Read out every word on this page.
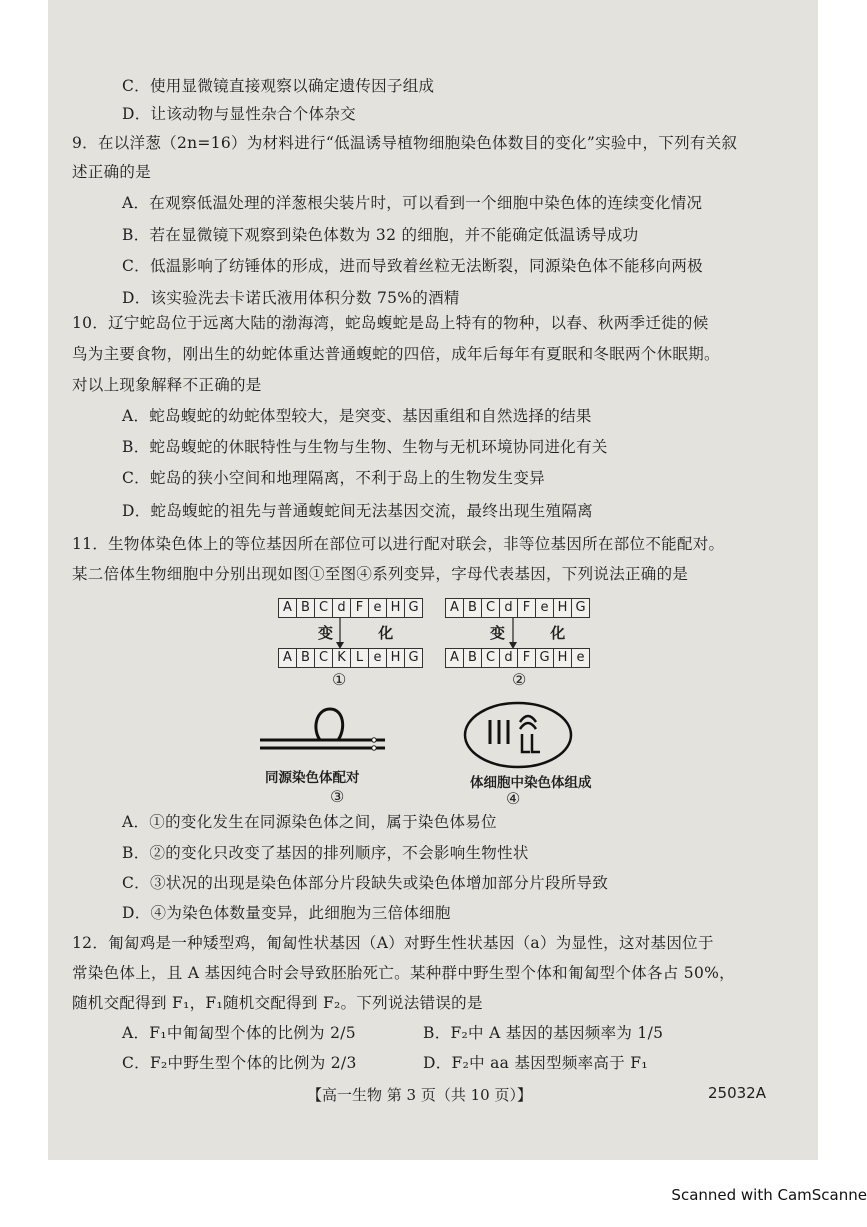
C．使用显微镜直接观察以确定遗传因子组成
D．让该动物与显性杂合个体杂交
9．在以洋葱（2n=16）为材料进行“低温诱导植物细胞染色体数目的变化”实验中，下列有关叙
述正确的是
A．在观察低温处理的洋葱根尖装片时，可以看到一个细胞中染色体的连续变化情况
B．若在显微镜下观察到染色体数为 32 的细胞，并不能确定低温诱导成功
C．低温影响了纺锤体的形成，进而导致着丝粒无法断裂，同源染色体不能移向两极
D．该实验洗去卡诺氏液用体积分数 75%的酒精
10．辽宁蛇岛位于远离大陆的渤海湾，蛇岛蝮蛇是岛上特有的物种，以春、秋两季迁徙的候
鸟为主要食物，刚出生的幼蛇体重达普通蝮蛇的四倍，成年后每年有夏眠和冬眠两个休眠期。
对以上现象解释不正确的是
A．蛇岛蝮蛇的幼蛇体型较大，是突变、基因重组和自然选择的结果
B．蛇岛蝮蛇的休眠特性与生物与生物、生物与无机环境协同进化有关
C．蛇岛的狭小空间和地理隔离，不利于岛上的生物发生变异
D．蛇岛蝮蛇的祖先与普通蝮蛇间无法基因交流，最终出现生殖隔离
11．生物体染色体上的等位基因所在部位可以进行配对联会，非等位基因所在部位不能配对。
某二倍体生物细胞中分别出现如图①至图④系列变异，字母代表基因，下列说法正确的是
A B C d F e H G
变 化
A B C K L e H G
①
A B C d F e H G
变 化
A B C d F G H e
②
同源染色体配对
③
体细胞中染色体组成
④
A．①的变化发生在同源染色体之间，属于染色体易位
B．②的变化只改变了基因的排列顺序，不会影响生物性状
C．③状况的出现是染色体部分片段缺失或染色体增加部分片段所导致
D．④为染色体数量变异，此细胞为三倍体细胞
12．匍匐鸡是一种矮型鸡，匍匐性状基因（A）对野生性状基因（a）为显性，这对基因位于
常染色体上，且 A 基因纯合时会导致胚胎死亡。某种群中野生型个体和匍匐型个体各占 50%，
随机交配得到 F₁，F₁随机交配得到 F₂。下列说法错误的是
A．F₁中匍匐型个体的比例为 2/5	B．F₂中 A 基因的基因频率为 1/5
C．F₂中野生型个体的比例为 2/3	D．F₂中 aa 基因型频率高于 F₁
【高一生物 第 3 页（共 10 页）】	25032A
Scanned with CamScanne
